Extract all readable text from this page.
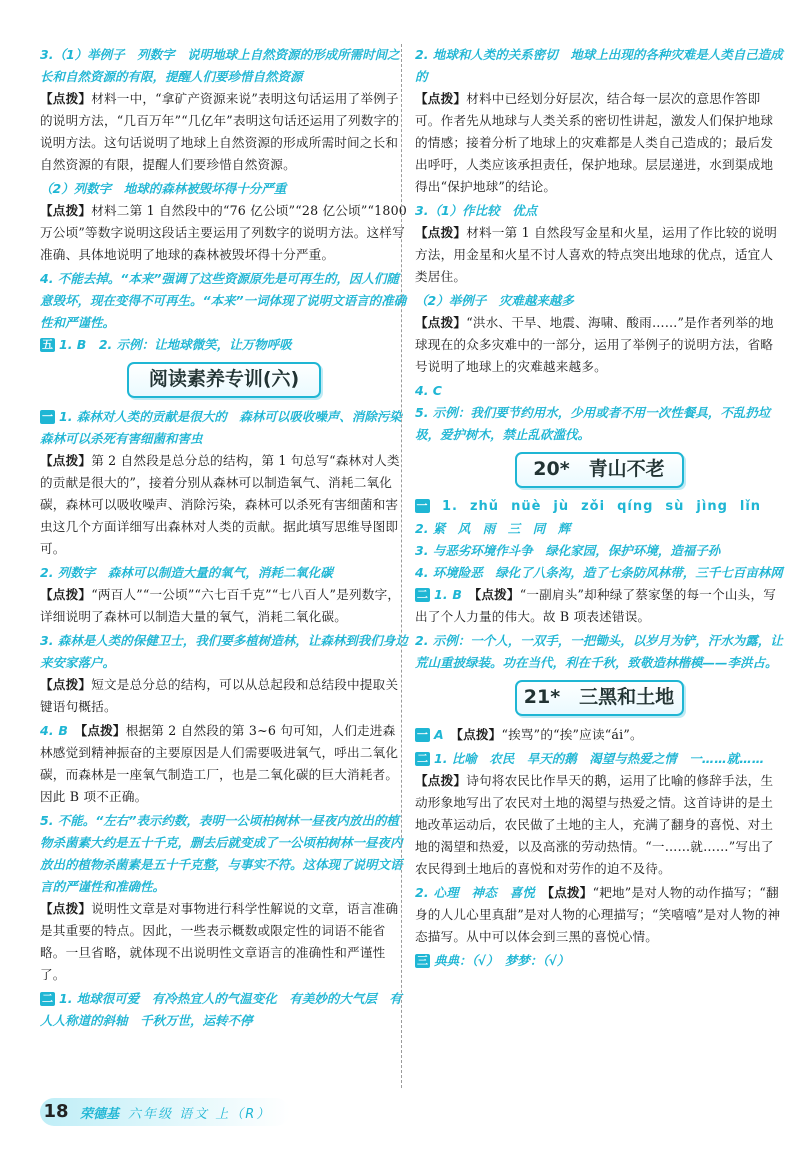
3.（1）举例子　列数字　说明地球上自然资源的形成所需时间之长和自然资源的有限，提醒人们要珍惜自然资源

【点拨】材料一中，“拿矿产资源来说”表明这句话运用了举例子的说明方法，“几百万年”“几亿年”表明这句话还运用了列数字的说明方法。这句话说明了地球上自然资源的形成所需时间之长和自然资源的有限，提醒人们要珍惜自然资源。

（2）列数字　地球的森林被毁坏得十分严重

【点拨】材料二第 1 自然段中的“76 亿公顷”“28 亿公顷”“1800 万公顷”等数字说明这段话主要运用了列数字的说明方法。这样写准确、具体地说明了地球的森林被毁坏得十分严重。

4. 不能去掉。“本来”强调了这些资源原先是可再生的，因人们随意毁坏，现在变得不可再生。“本来”一词体现了说明文语言的准确性和严谨性。

五 1. B　2. 示例：让地球微笑，让万物呼吸

阅读素养专训(六)

一 1. 森林对人类的贡献是很大的　森林可以吸收噪声、消除污染　森林可以杀死有害细菌和害虫

【点拨】第 2 自然段是总分总的结构，第 1 句总写“森林对人类的贡献是很大的”，接着分别从森林可以制造氧气、消耗二氧化碳，森林可以吸收噪声、消除污染，森林可以杀死有害细菌和害虫这几个方面详细写出森林对人类的贡献。据此填写思维导图即可。

2. 列数字　森林可以制造大量的氧气，消耗二氧化碳

【点拨】“两百人”“一公顷”“六七百千克”“七八百人”是列数字，详细说明了森林可以制造大量的氧气，消耗二氧化碳。

3. 森林是人类的保健卫士，我们要多植树造林，让森林到我们身边来安家落户。

【点拨】短文是总分总的结构，可以从总起段和总结段中提取关键语句概括。

4. B　【点拨】根据第 2 自然段的第 3~6 句可知，人们走进森林感觉到精神振奋的主要原因是人们需要吸进氧气，呼出二氧化碳，而森林是一座氧气制造工厂，也是二氧化碳的巨大消耗者。因此 B 项不正确。

5. 不能。“左右”表示约数，表明一公顷柏树林一昼夜内放出的植物杀菌素大约是五十千克，删去后就变成了一公顷柏树林一昼夜内放出的植物杀菌素是五十千克整，与事实不符。这体现了说明文语言的严谨性和准确性。

【点拨】说明性文章是对事物进行科学性解说的文章，语言准确是其重要的特点。因此，一些表示概数或限定性的词语不能省略。一旦省略，就体现不出说明性文章语言的准确性和严谨性了。

二 1. 地球很可爱　有冷热宜人的气温变化　有美妙的大气层　有人人称道的斜轴　千秋万世，运转不停

2. 地球和人类的关系密切　地球上出现的各种灾难是人类自己造成的

【点拨】材料中已经划分好层次，结合每一层次的意思作答即可。作者先从地球与人类关系的密切性讲起，激发人们保护地球的情感；接着分析了地球上的灾难都是人类自己造成的；最后发出呼吁，人类应该承担责任，保护地球。层层递进，水到渠成地得出“保护地球”的结论。

3.（1）作比较　优点

【点拨】材料一第 1 自然段写金星和火星，运用了作比较的说明方法，用金星和火星不讨人喜欢的特点突出地球的优点，适宜人类居住。

（2）举例子　灾难越来越多

【点拨】“洪水、干旱、地震、海啸、酸雨……”是作者列举的地球现在的众多灾难中的一部分，运用了举例子的说明方法，省略号说明了地球上的灾难越来越多。

4. C

5. 示例：我们要节约用水，少用或者不用一次性餐具，不乱扔垃圾，爱护树木，禁止乱砍滥伐。

20*　青山不老
一 1. zhǔ nüè jù zǒi qíng sù jìng lǐn

2. 紧　风　雨　三　同　辉

3. 与恶劣环境作斗争　绿化家园，保护环境，造福子孙

4. 环境险恶　绿化了八条沟，造了七条防风林带，三千七百亩林网

二 1. B　【点拨】“一副肩头”却种绿了蔡家堡的每一个山头，写出了个人力量的伟大。故 B 项表述错误。

2. 示例：一个人，一双手，一把锄头，以岁月为铲，汗水为露，让荒山重披绿装。功在当代，利在千秋，致敬造林楷模——李洪占。

21*　三黑和土地

一 A　【点拨】“挨骂”的“挨”应读“ái”。

二 1. 比喻　农民　旱天的鹅　渴望与热爱之情　一……就……

【点拨】诗句将农民比作旱天的鹅，运用了比喻的修辞手法，生动形象地写出了农民对土地的渴望与热爱之情。这首诗讲的是土地改革运动后，农民做了土地的主人，充满了翻身的喜悦、对土地的渴望和热爱，以及高涨的劳动热情。“一……就……”写出了农民得到土地后的喜悦和对劳作的迫不及待。

2. 心理　神态　喜悦　【点拨】“耙地”是对人物的动作描写；“翻身的人儿心里真甜”是对人物的心理描写；“笑嘻嘻”是对人物的神态描写。从中可以体会到三黑的喜悦心情。

三 典典：（√）　梦梦：（√）

18 荣德基 六年级 语文 上（R）
